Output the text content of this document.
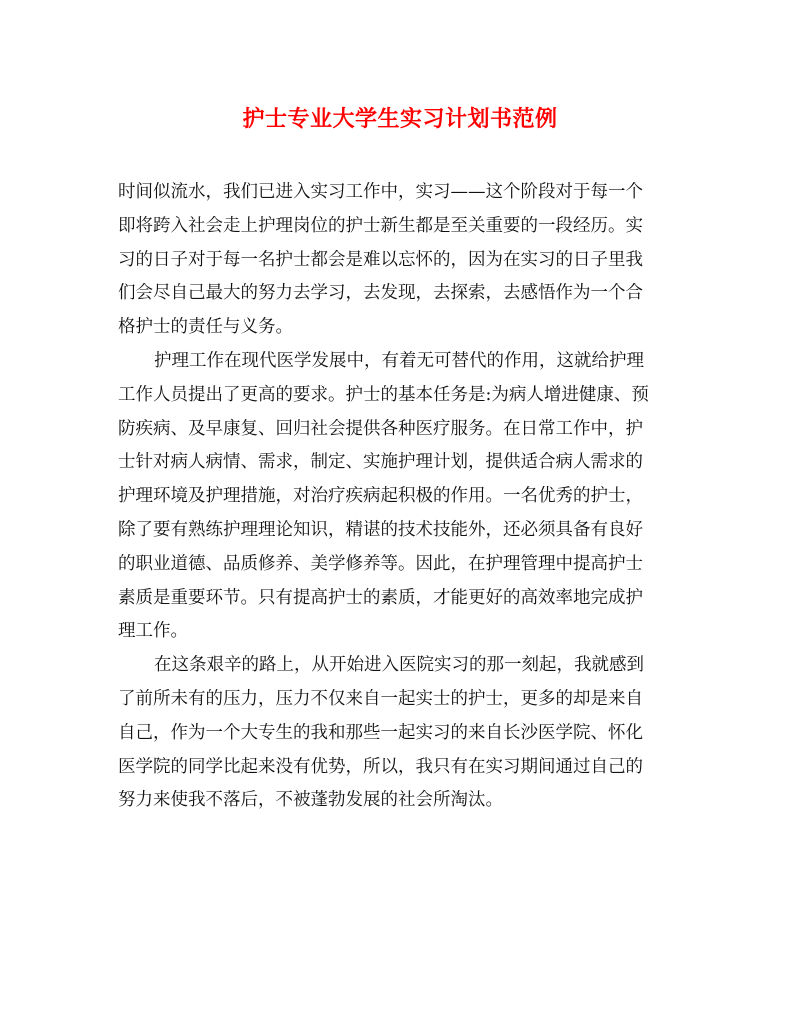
护士专业大学生实习计划书范例

时间似流水，我们已进入实习工作中，实习——这个阶段对于每一个
即将跨入社会走上护理岗位的护士新生都是至关重要的一段经历。实
习的日子对于每一名护士都会是难以忘怀的，因为在实习的日子里我
们会尽自己最大的努力去学习，去发现，去探索，去感悟作为一个合
格护士的责任与义务。

护理工作在现代医学发展中，有着无可替代的作用，这就给护理
工作人员提出了更高的要求。护士的基本任务是:为病人增进健康、预
防疾病、及早康复、回归社会提供各种医疗服务。在日常工作中，护
士针对病人病情、需求，制定、实施护理计划，提供适合病人需求的
护理环境及护理措施，对治疗疾病起积极的作用。一名优秀的护士，
除了要有熟练护理理论知识，精谌的技术技能外，还必须具备有良好
的职业道德、品质修养、美学修养等。因此，在护理管理中提高护士
素质是重要环节。只有提高护士的素质，才能更好的高效率地完成护
理工作。

在这条艰辛的路上，从开始进入医院实习的那一刻起，我就感到
了前所未有的压力，压力不仅来自一起实士的护士，更多的却是来自
自己，作为一个大专生的我和那些一起实习的来自长沙医学院、怀化
医学院的同学比起来没有优势，所以，我只有在实习期间通过自己的
努力来使我不落后，不被蓬勃发展的社会所淘汰。
